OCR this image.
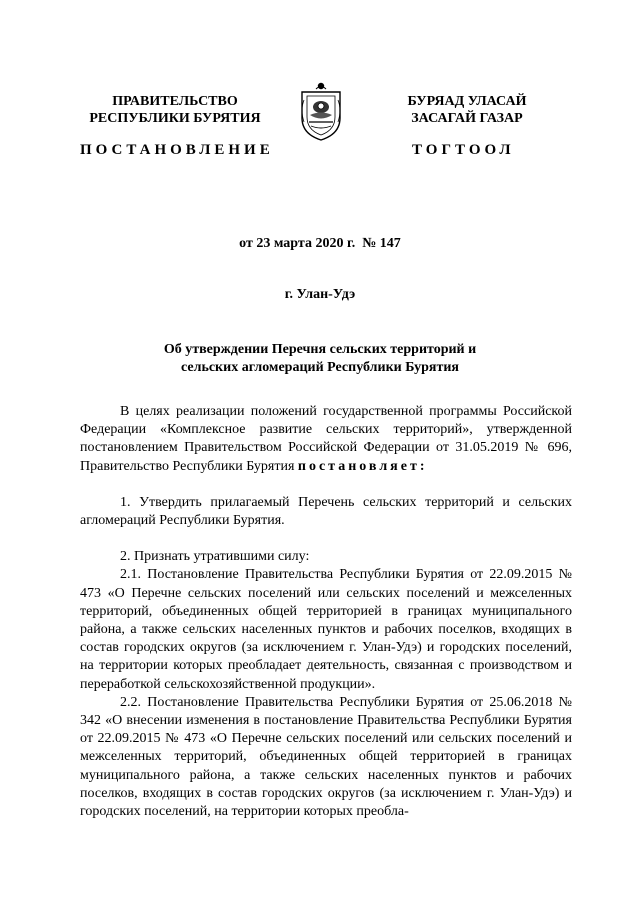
ПРАВИТЕЛЬСТВО
РЕСПУБЛИКИ БУРЯТИЯ
БУРЯАД УЛАСАЙ
ЗАСАГАЙ ГАЗАР
ПОСТАНОВЛЕНИЕ	ТОГТООЛ
от 23 марта 2020 г.  № 147
г. Улан-Удэ
Об утверждении Перечня сельских территорий и
сельских агломераций Республики Бурятия

В целях реализации положений государственной программы Российской Федерации «Комплексное развитие сельских территорий», утвержденной постановлением Правительством Российской Федерации от 31.05.2019 № 696, Правительство Республики Бурятия постановляет:

1. Утвердить прилагаемый Перечень сельских территорий и сельских агломераций Республики Бурятия.

2. Признать утратившими силу:

2.1. Постановление Правительства Республики Бурятия от 22.09.2015 № 473 «О Перечне сельских поселений или сельских поселений и межселенных территорий, объединенных общей территорией в границах муниципального района, а также сельских населенных пунктов и рабочих поселков, входящих в состав городских округов (за исключением г. Улан-Удэ) и городских поселений, на территории которых преобладает деятельность, связанная с производством и переработкой сельскохозяйственной продукции».

2.2. Постановление Правительства Республики Бурятия от 25.06.2018 № 342 «О внесении изменения в постановление Правительства Республики Бурятия от 22.09.2015 № 473 «О Перечне сельских поселений или сельских поселений и межселенных территорий, объединенных общей территорией в границах муниципального района, а также сельских населенных пунктов и рабочих поселков, входящих в состав городских округов (за исключением г. Улан-Удэ) и городских поселений, на территории которых преобла-
